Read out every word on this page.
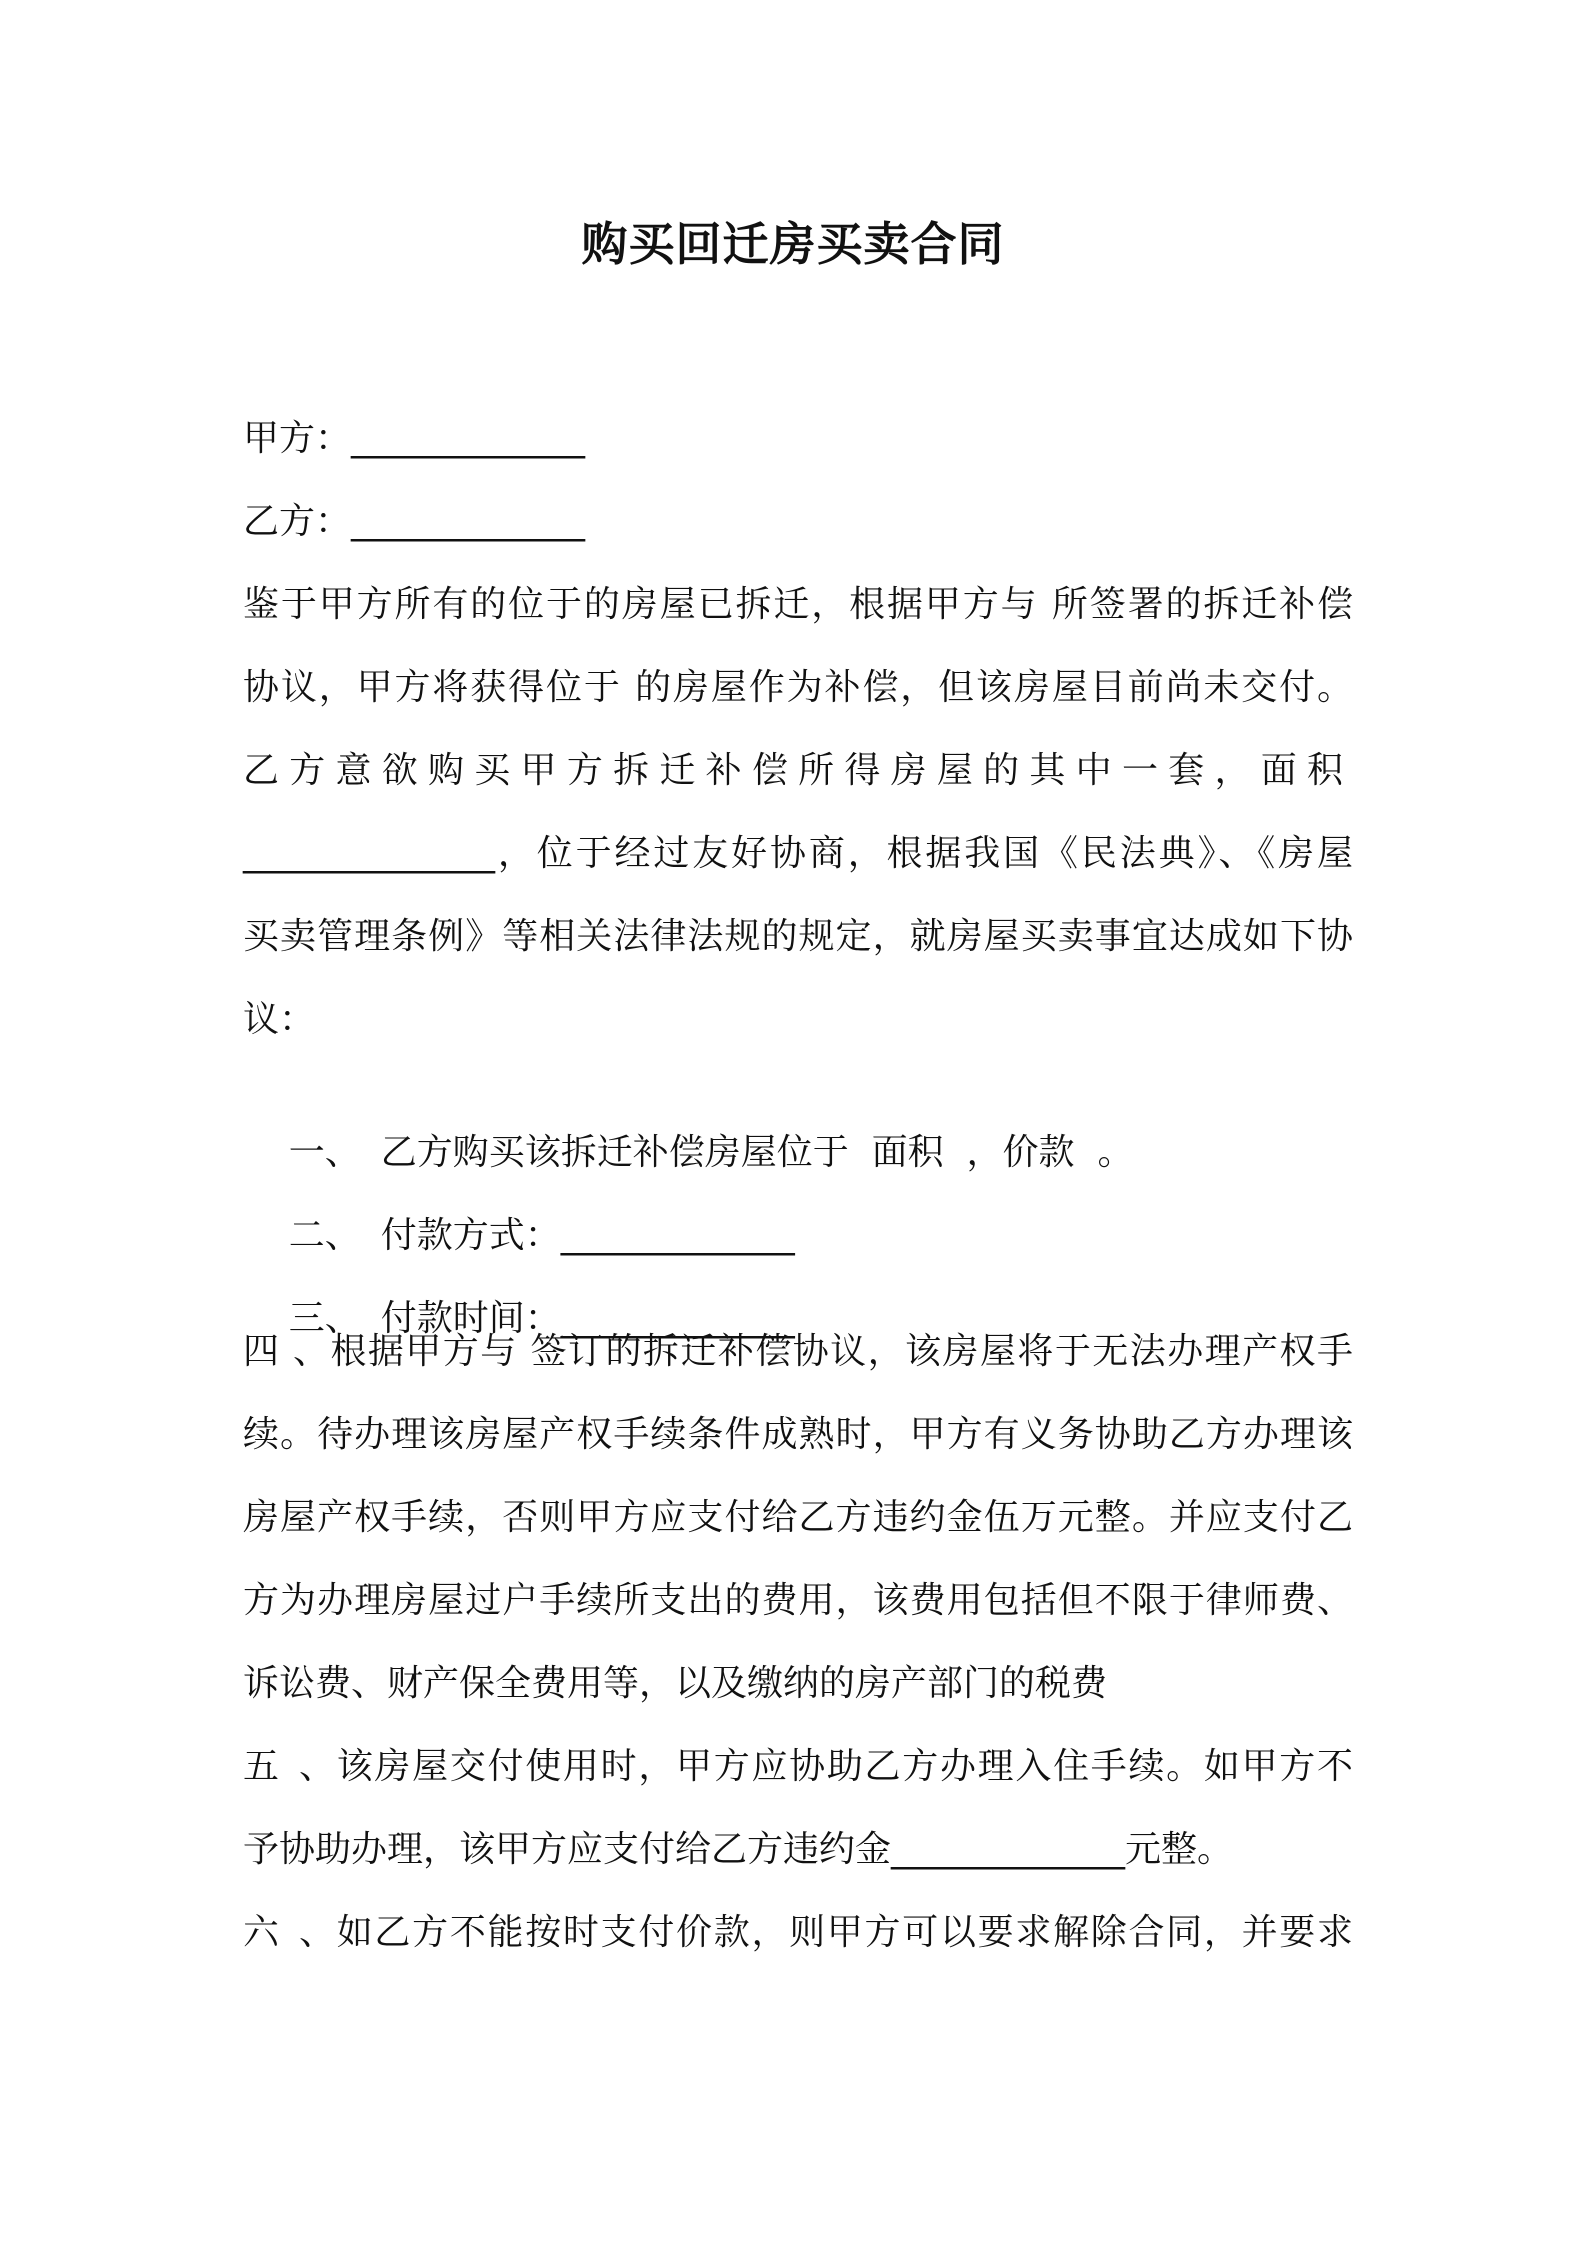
购买回迁房买卖合同
甲方：_____________
乙方：_____________
鉴于甲方所有的位于的房屋已拆迁，根据甲方与 所签署的拆迁补偿
协议，甲方将获得位于 的房屋作为补偿，但该房屋目前尚未交付。
乙方意欲购买甲方拆迁补偿所得房屋的其中一套，面积
______________，位于经过友好协商，根据我国《民法典》、《房屋
买卖管理条例》等相关法律法规的规定，就房屋买卖事宜达成如下协
议：

一、 乙方购买该拆迁补偿房屋位于  面积  ，价款  。

二、 付款方式：_____________

三、 付款时间：_____________

四、根据甲方与 签订的拆迁补偿协议，该房屋将于无法办理产权手
续。待办理该房屋产权手续条件成熟时，甲方有义务协助乙方办理该
房屋产权手续，否则甲方应支付给乙方违约金伍万元整。并应支付乙
方为办理房屋过户手续所支出的费用，该费用包括但不限于律师费、
诉讼费、财产保全费用等，以及缴纳的房产部门的税费
五、该房屋交付使用时，甲方应协助乙方办理入住手续。如甲方不
予协助办理，该甲方应支付给乙方违约金_____________元整。
六、如乙方不能按时支付价款，则甲方可以要求解除合同，并要求
